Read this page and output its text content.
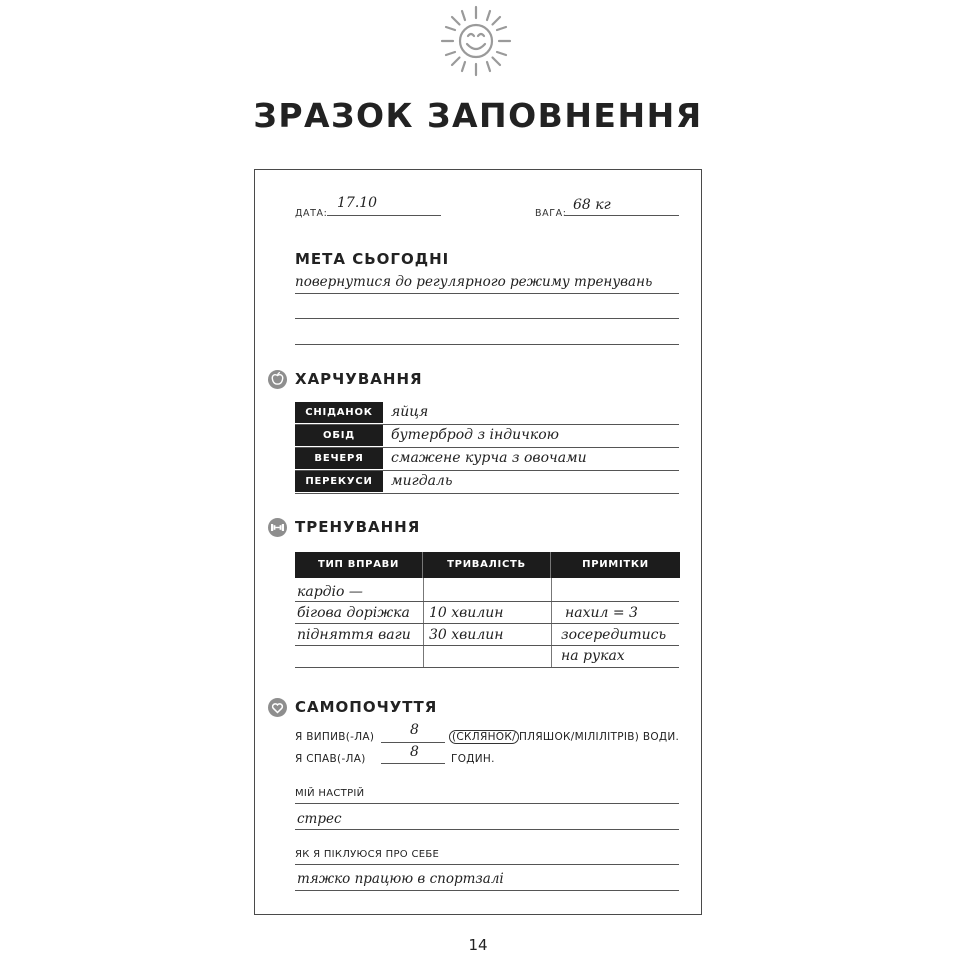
ЗРАЗОК ЗАПОВНЕННЯ
ДАТА:
17.10
ВАГА:
68 кг
МЕТА СЬОГОДНІ
повернутися до регулярного режиму тренувань
ХАРЧУВАННЯ
СНІДАНОК	яйця
ОБІД	бутерброд з індичкою
ВЕЧЕРЯ	смажене курча з овочами
ПЕРЕКУСИ	мигдаль
ТРЕНУВАННЯ
ТИП ВПРАВИ	ТРИВАЛІСТЬ	ПРИМІТКИ
кардіо —
бігова доріжка 10 хвилин	нахил = 3
підняття ваги 30 хвилин	зосередитись
на руках
САМОПОЧУТТЯ
Я ВИПИВ(-ЛА)	8	(СКЛЯНОК/ ПЛЯШОК/МІЛІЛІТРІВ) ВОДИ.
Я СПАВ(-ЛА)	8	ГОДИН.
МІЙ НАСТРІЙ
стрес
ЯК Я ПІКЛУЮСЯ ПРО СЕБЕ
тяжко працюю в спортзалі
14
